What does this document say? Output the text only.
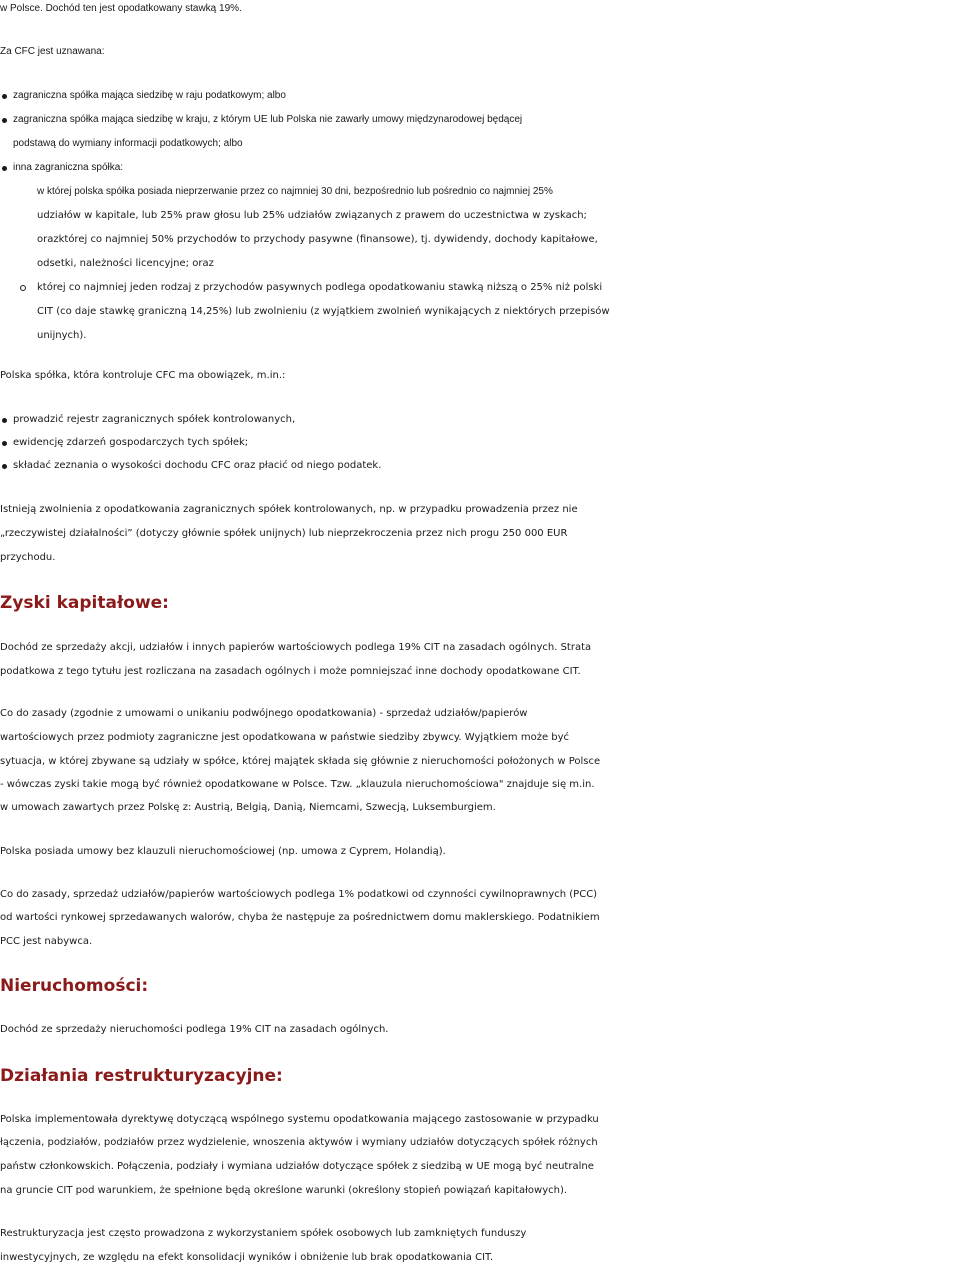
w Polsce. Dochód ten jest opodatkowany stawką 19%.

Za CFC jest uznawana:

zagraniczna spółka mająca siedzibę w raju podatkowym; albo
zagraniczna spółka mająca siedzibę w kraju, z którym UE lub Polska nie zawarły umowy międzynarodowej będącej
podstawą do wymiany informacji podatkowych; albo
inna zagraniczna spółka:
w której polska spółka posiada nieprzerwanie przez co najmniej 30 dni, bezpośrednio lub pośrednio co najmniej 25%
udziałów w kapitale, lub 25% praw głosu lub 25% udziałów związanych z prawem do uczestnictwa w zyskach;
orazktórej co najmniej 50% przychodów to przychody pasywne (finansowe), tj. dywidendy, dochody kapitałowe,
odsetki, należności licencyjne; oraz
której co najmniej jeden rodzaj z przychodów pasywnych podlega opodatkowaniu stawką niższą o 25% niż polski
CIT (co daje stawkę graniczną 14,25%) lub zwolnieniu (z wyjątkiem zwolnień wynikających z niektórych przepisów
unijnych).

Polska spółka, która kontroluje CFC ma obowiązek, m.in.:

prowadzić rejestr zagranicznych spółek kontrolowanych,
ewidencję zdarzeń gospodarczych tych spółek;
składać zeznania o wysokości dochodu CFC oraz płacić od niego podatek.

Istnieją zwolnienia z opodatkowania zagranicznych spółek kontrolowanych, np. w przypadku prowadzenia przez nie

„rzeczywistej działalności” (dotyczy głównie spółek unijnych) lub nieprzekroczenia przez nich progu 250 000 EUR

przychodu.

Zyski kapitałowe:

Dochód ze sprzedaży akcji, udziałów i innych papierów wartościowych podlega 19% CIT na zasadach ogólnych. Strata

podatkowa z tego tytułu jest rozliczana na zasadach ogólnych i może pomniejszać inne dochody opodatkowane CIT.

Co do zasady (zgodnie z umowami o unikaniu podwójnego opodatkowania) - sprzedaż udziałów/papierów

wartościowych przez podmioty zagraniczne jest opodatkowana w państwie siedziby zbywcy. Wyjątkiem może być

sytuacja, w której zbywane są udziały w spółce, której majątek składa się głównie z nieruchomości położonych w Polsce

- wówczas zyski takie mogą być również opodatkowane w Polsce. Tzw. „klauzula nieruchomościowa" znajduje się m.in.

w umowach zawartych przez Polskę z: Austrią, Belgią, Danią, Niemcami, Szwecją, Luksemburgiem.

Polska posiada umowy bez klauzuli nieruchomościowej (np. umowa z Cyprem, Holandią).

Co do zasady, sprzedaż udziałów/papierów wartościowych podlega 1% podatkowi od czynności cywilnoprawnych (PCC)

od wartości rynkowej sprzedawanych walorów, chyba że następuje za pośrednictwem domu maklerskiego. Podatnikiem

PCC jest nabywca.

Nieruchomości:

Dochód ze sprzedaży nieruchomości podlega 19% CIT na zasadach ogólnych.

Działania restrukturyzacyjne:

Polska implementowała dyrektywę dotyczącą wspólnego systemu opodatkowania mającego zastosowanie w przypadku

łączenia, podziałów, podziałów przez wydzielenie, wnoszenia aktywów i wymiany udziałów dotyczących spółek różnych

państw członkowskich. Połączenia, podziały i wymiana udziałów dotyczące spółek z siedzibą w UE mogą być neutralne

na gruncie CIT pod warunkiem, że spełnione będą określone warunki (określony stopień powiązań kapitałowych).

Restrukturyzacja jest często prowadzona z wykorzystaniem spółek osobowych lub zamkniętych funduszy

inwestycyjnych, ze względu na efekt konsolidacji wyników i obniżenie lub brak opodatkowania CIT.
